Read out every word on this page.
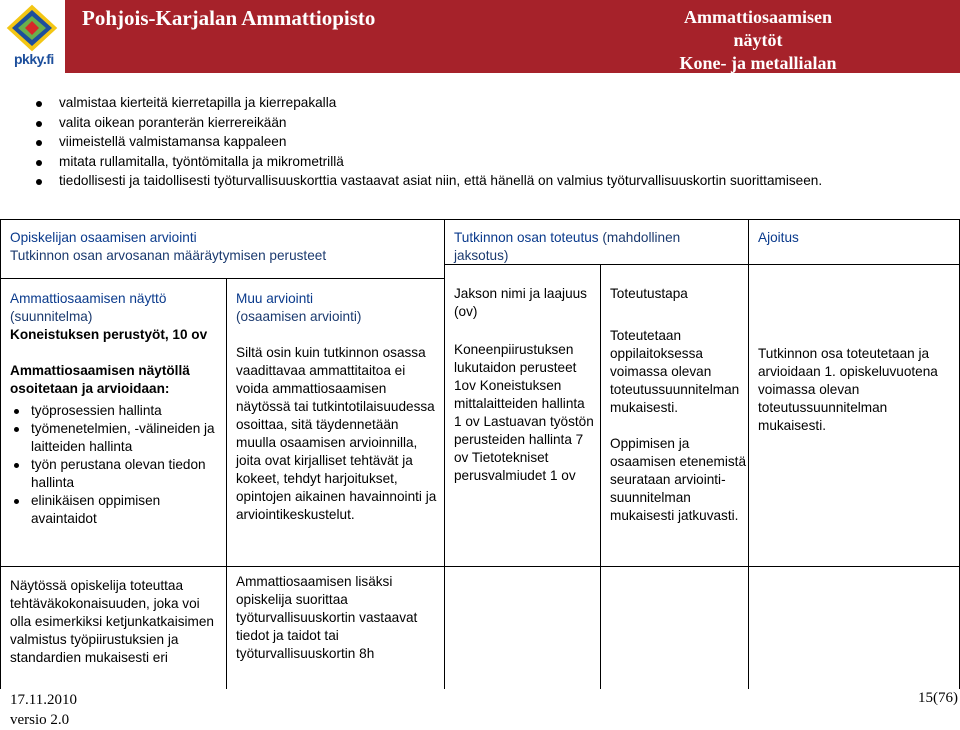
pkky.fi
Pohjois-Karjalan Ammattiopisto	Ammattiosaamisen näytöt
Kone- ja metallialan
perustutkinto
valmistaa kierteitä kierretapilla ja kierrepakalla
valita oikean poranterän kierrereikään
viimeistellä valmistamansa kappaleen
mitata rullamitalla, työntömitalla ja mikrometrillä
tiedollisesti ja taidollisesti työturvallisuuskorttia vastaavat asiat niin, että hänellä on valmius työturvallisuuskortin suorittamiseen.
Opiskelijan osaamisen arviointi
Tutkinnon osan arvosanan määräytymisen perusteet
Tutkinnon osan toteutus (mahdollinen
jaksotus)
Ajoitus
Ammattiosaamisen näyttö
(suunnitelma)
Koneistuksen perustyöt, 10 ov
Ammattiosaamisen näytöllä osoitetaan ja arvioidaan:
työprosessien hallinta
työmenetelmien, -välineiden ja laitteiden hallinta
työn perustana olevan tiedon hallinta
elinikäisen oppimisen avaintaidot
Muu arviointi
(osaamisen arviointi)

Siltä osin kuin tutkinnon osassa vaadittavaa ammattitaitoa ei voida ammattiosaamisen näytössä tai tutkintotilaisuudessa osoittaa, sitä täydennetään muulla osaamisen arvioinnilla, joita ovat kirjalliset tehtävät ja kokeet, tehdyt harjoitukset, opintojen aikainen havainnointi ja arviointikeskustelut.

Jakson nimi ja laajuus (ov)

Koneenpiirustuksen lukutaidon perusteet 1ov Koneistuksen mittalaitteiden hallinta 1 ov Lastuavan työstön perusteiden hallinta 7 ov Tietotekniset perusvalmiudet 1 ov

Toteutustapa

Toteutetaan oppilaitoksessa voimassa olevan toteutussuunnitelman mukaisesti.

Oppimisen ja osaamisen etenemistä seurataan arviointi-suunnitelman mukaisesti jatkuvasti.

Tutkinnon osa toteutetaan ja arvioidaan 1. opiskeluvuotena voimassa olevan toteutussuunnitelman mukaisesti.
Näytössä opiskelija toteuttaa tehtäväkokonaisuuden, joka voi olla esimerkiksi ketjunkatkaisimen valmistus työpiirustuksien ja standardien mukaisesti eri
Ammattiosaamisen lisäksi opiskelija suorittaa työturvallisuuskortin vastaavat tiedot ja taidot tai työturvallisuuskortin 8h
17.11.2010
versio 2.0
15(76)
